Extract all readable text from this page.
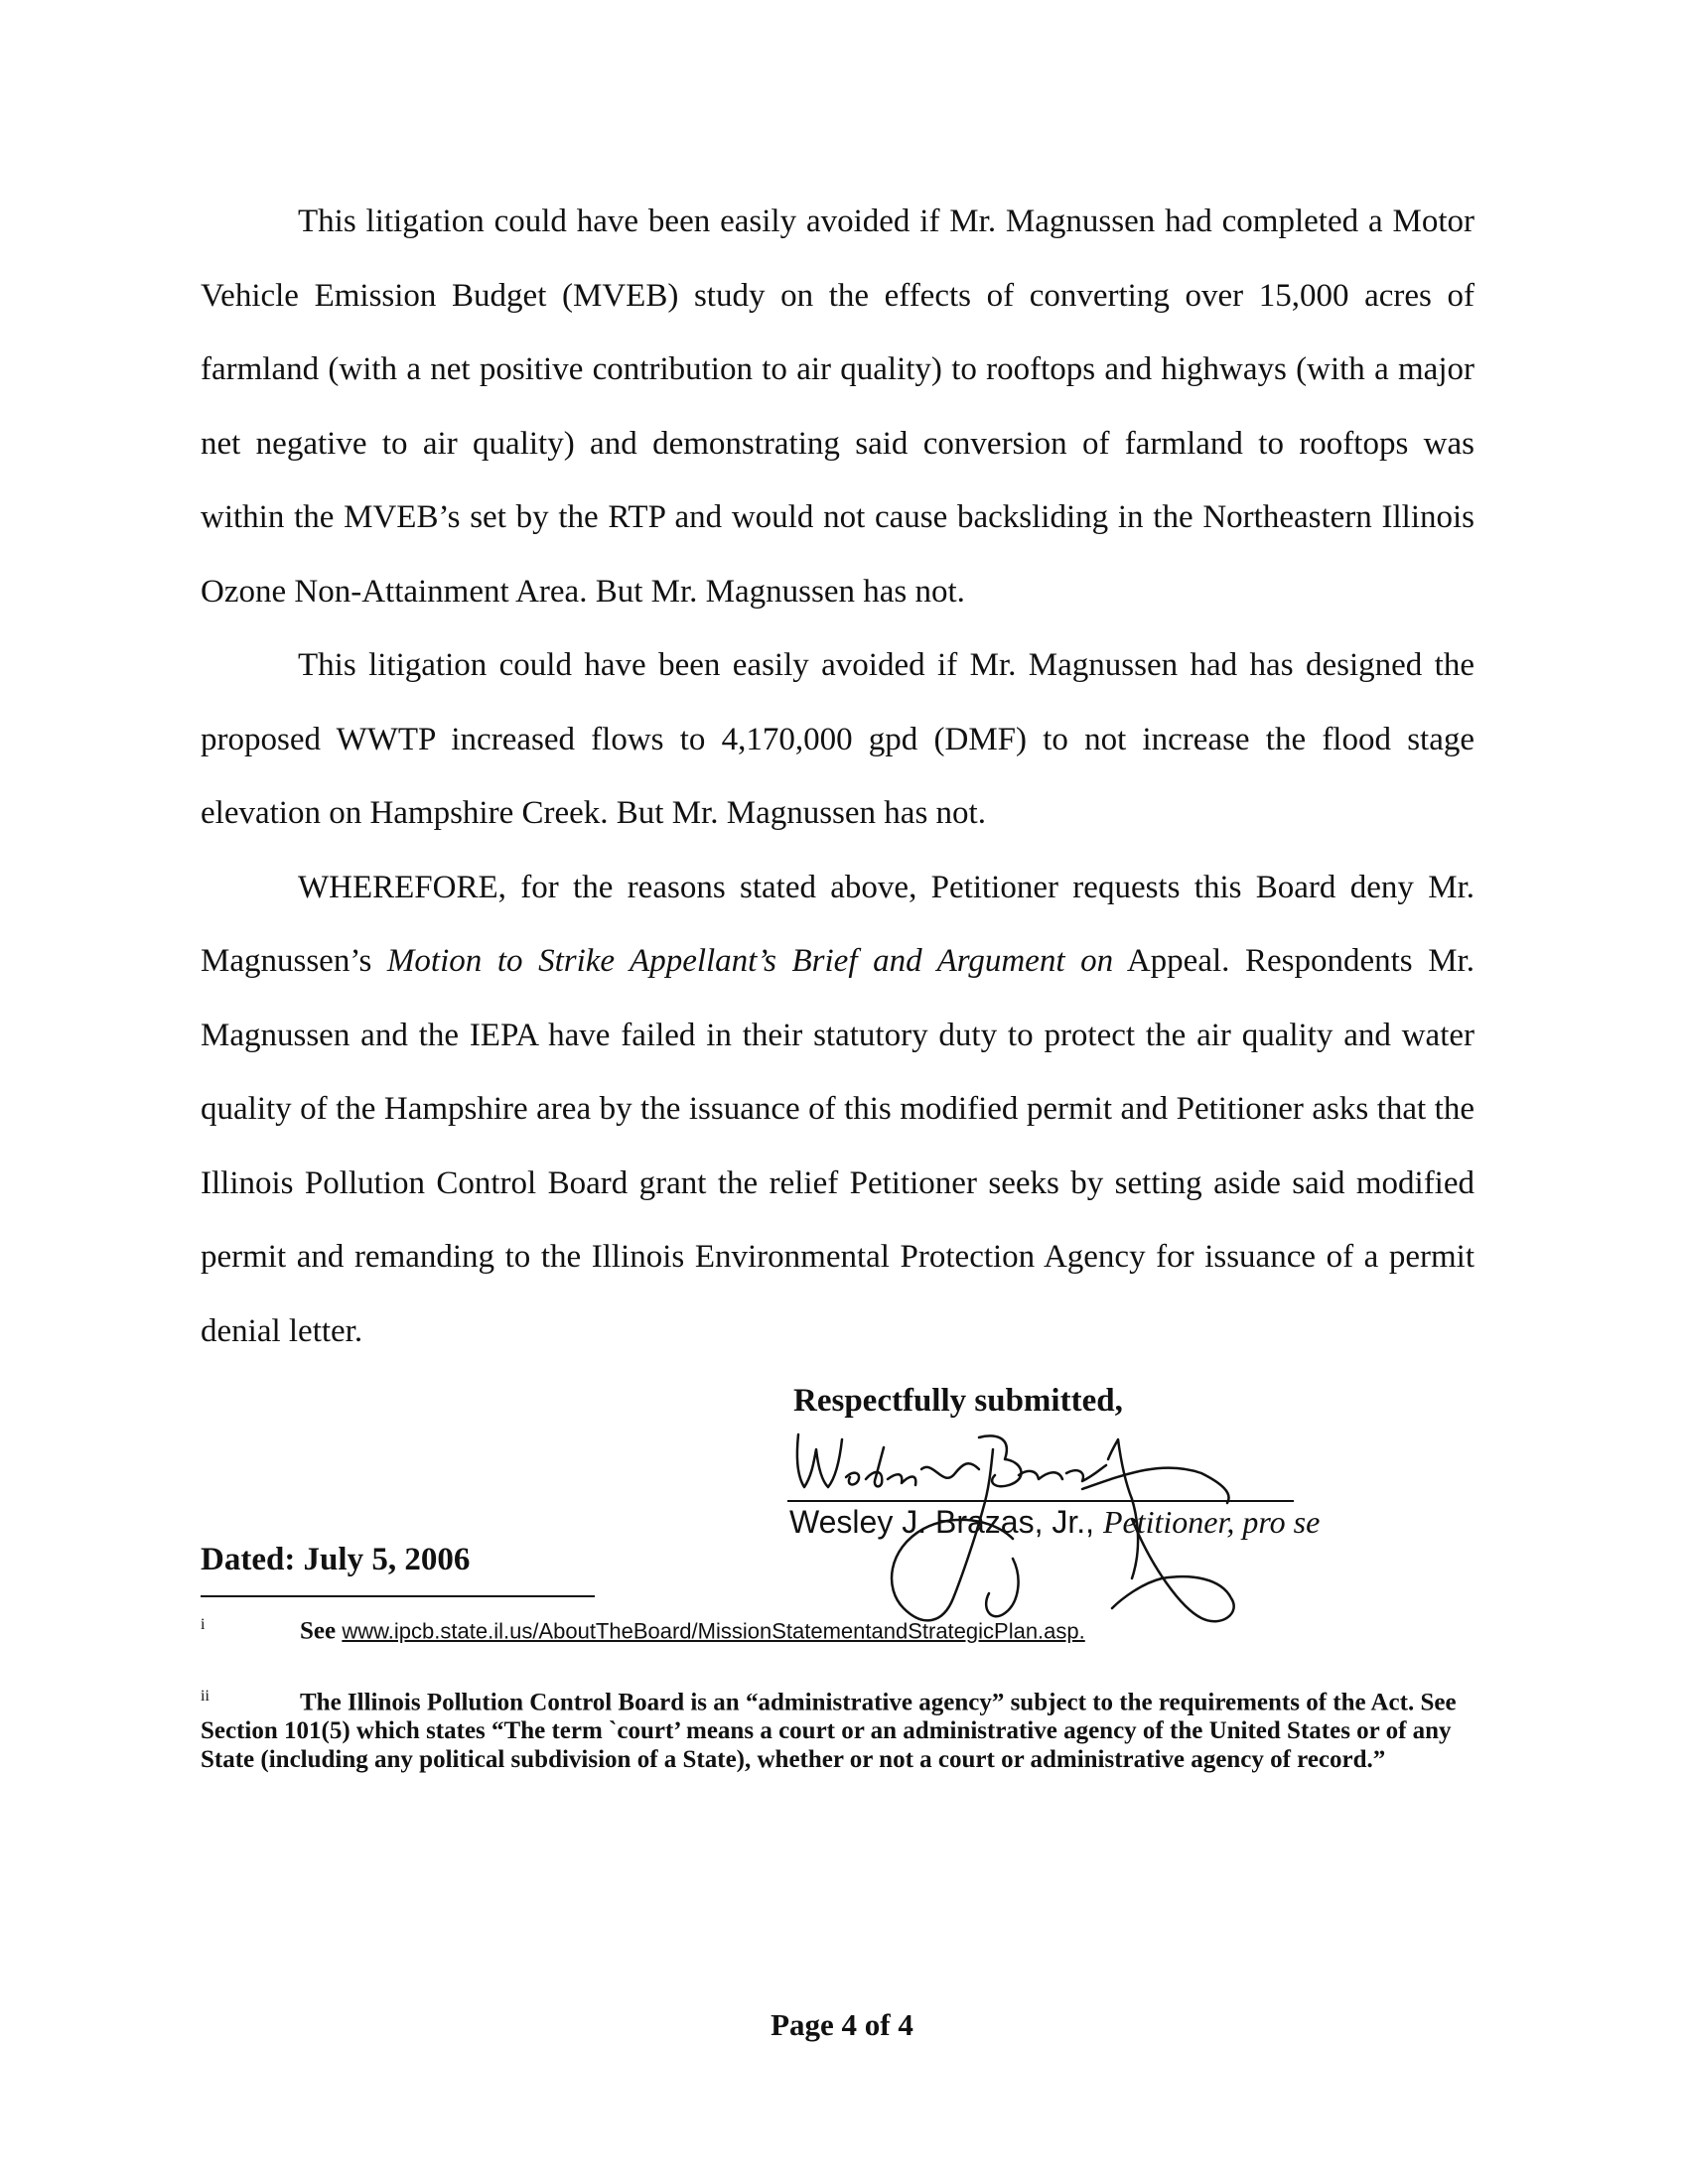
This litigation could have been easily avoided if Mr. Magnussen had completed a Motor Vehicle Emission Budget (MVEB) study on the effects of converting over 15,000 acres of farmland (with a net positive contribution to air quality) to rooftops and highways (with a major net negative to air quality) and demonstrating said conversion of farmland to rooftops was within the MVEB’s set by the RTP and would not cause backsliding in the Northeastern Illinois Ozone Non-Attainment Area. But Mr. Magnussen has not.

This litigation could have been easily avoided if Mr. Magnussen had has designed the proposed WWTP increased flows to 4,170,000 gpd (DMF) to not increase the flood stage elevation on Hampshire Creek. But Mr. Magnussen has not.

WHEREFORE, for the reasons stated above, Petitioner requests this Board deny Mr. Magnussen’s Motion to Strike Appellant’s Brief and Argument on Appeal. Respondents Mr. Magnussen and the IEPA have failed in their statutory duty to protect the air quality and water quality of the Hampshire area by the issuance of this modified permit and Petitioner asks that the Illinois Pollution Control Board grant the relief Petitioner seeks by setting aside said modified permit and remanding to the Illinois Environmental Protection Agency for issuance of a permit denial letter.

Respectfully submitted,
Wesley J. Brazas, Jr., Petitioner, pro se
Dated: July 5, 2006
i	See www.ipcb.state.il.us/AboutTheBoard/MissionStatementandStrategicPlan.asp.
ii	The Illinois Pollution Control Board is an “administrative agency” subject to the requirements of the Act. See Section 101(5) which states “The term `court’ means a court or an administrative agency of the United States or of any State (including any political subdivision of a State), whether or not a court or administrative agency of record.”
Page 4 of 4
